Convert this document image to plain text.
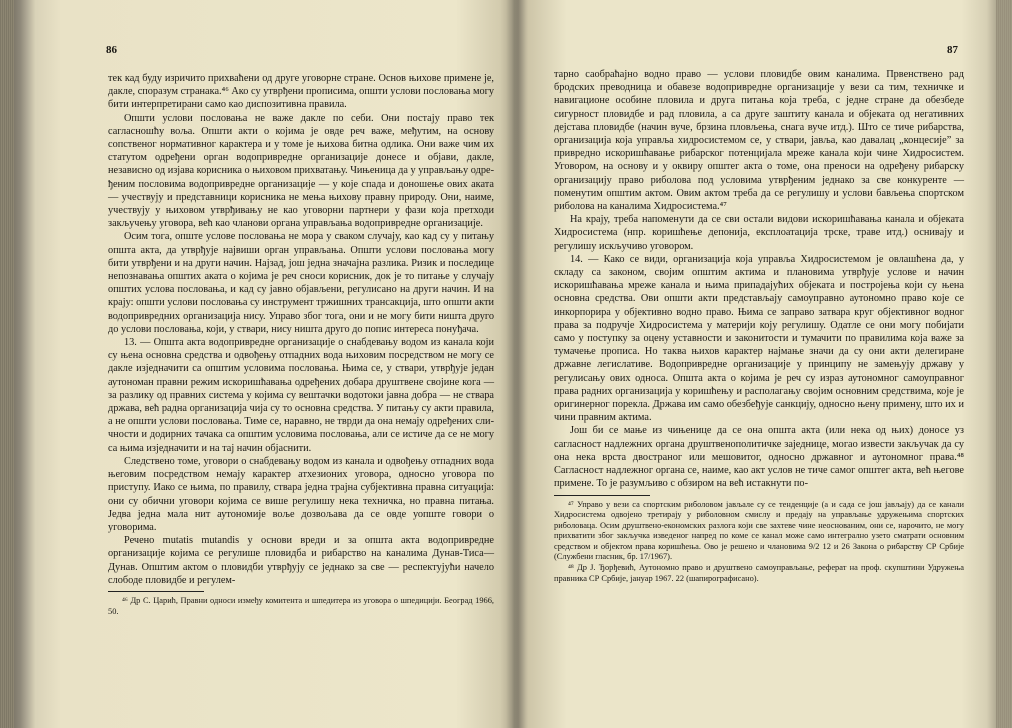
86

тек кад буду изричито прихваћени од друге уговорне стране. Основ њихове примене је, дакле, споразум странака.⁴⁶ Ако су утврђени прописима, општи услови пословања могу бити интерпретирани само као диспозитивна правила.

Општи услови пословања не важе дакле по себи. Они постају право тек сагласношћу воља. Општи акти о којима је овде реч важе, међутим, на основу сопственог нормативног карактера и у томе је њихова битна одлика. Они важе чим их статутом одређени орган водопривредне организације донесе и објави, дакле, независно од изјава корисника о њиховом прихватању. Чињеница да у управљању одређеним пословима водопривредне организације — у које спада и доношење ових аката — учествују и представници корисника не мења њихову правну природу. Они, наиме, учествују у њиховом утврђивању не као уговорни партнери у фази која претходи закључењу уговора, већ као чланови органа управљања водопривредне организације.

Осим тога, опште услове пословања не мора у сваком случају, као кад су у питању општа акта, да утврђује највиши орган управљања. Општи услови пословања могу бити утврђени и на други начин. Најзад, још једна значајна разлика. Ризик и последице непознавања општих аката о којима је реч сноси корисник, док је то питање у случају општих услова пословања, и кад су јавно објављени, регулисано на други начин. И на крају: општи услови пословања су инструмент тржишних трансакција, што општи акти водопривредних организација нису. Управо због тога, они и не могу бити ништа друго до услови пословања, који, у ствари, нису ништа друго до попис интереса понуђача.

13. — Општа акта водопривредне организације о снабдевању водом из канала који су њена основна средства и одвођењу отпадних вода њиховим посредством не могу се дакле изједначити са општим условима пословања. Њима се, у ствари, утврђује један аутономан правни режим искоришћавања одређених добара друштвене својине кога — за разлику од правних система у којима су вештачки водотоки јавна добра — не ствара држава, већ радна организација чија су то основна средства. У питању су акти правила, а не општи услови пословања. Тиме се, наравно, не тврди да она немају одређених сличности и додирних тачака са општим условима пословања, али се истиче да се не могу са њима изједначити и на тај начин објаснити.

Следствено томе, уговори о снабдевању водом из канала и одвођењу отпадних вода његовим посредством немају карактер атхезионих уговора, односно уговора по приступу. Иако се њима, по правилу, ствара једна трајна субјективна правна ситуација: они су обични уговори којима се више регулишу нека техничка, но правна питања. Једва једна мала нит аутономије воље дозвољава да се овде уопште говори о уговорима.

Речено mutatis mutandis у основи вреди и за општа акта водопривредне организације којима се регулише пловидба и рибарство на каналима Дунав-Тиса—Дунав. Општим актом о пловидби утврђују се једнако за све — респектујући начело слободе пловидбе и регулем-

⁴⁶ Др С. Царић, Правни односи између комитента и шпедитера из уговора о шпедицији. Београд 1966, 50.

87

тарно саобраћајно водно право — услови пловидбе овим каналима. Првенствено рад бродских преводница и обавезе водопривредне организације у вези са тим, техничке и навигационе особине пловила и друга питања која треба, с једне стране да обезбеде сигурност пловидбе и рад пловила, а са друге заштиту канала и објеката од негативних дејстава пловидбе (начин вуче, брзина пловљења, снага вуче итд.). Што се тиче рибарства, организација која управља хидросистемом се, у ствари, јавља, као давалац „концесије” за привредно искоришћавање рибарског потенцијала мреже канала који чине Хидросистем. Уговором, на основу и у оквиру општег акта о томе, она преноси на одређену рибарску организацију право риболова под условима утврђеним једнако за све конкуренте — поменутим општим актом. Овим актом треба да се регулишу и услови бављења спортском риболова на каналима Хидросистема.⁴⁷

На крају, треба напоменути да се сви остали видови искоришћавања канала и објеката Хидросистема (нпр. коришћење депонија, експлоатација трске, траве итд.) оснивају и регулишу искључиво уговором.

14. — Како се види, организација која управља Хидросистемом је овлашћена да, у складу са законом, својим општим актима и плановима утврђује услове и начин искоришћавања мреже канала и њима припадајућих објеката и постројења који су њена основна средства. Ови општи акти представљају самоуправно аутономно право које се инкорпорира у објективно водно право. Њима се заправо затвара круг објективног водног права за подручје Хидросистема у материји коју регулишу. Одатле се они могу побијати само у поступку за оцену уставности и законитости и тумачити по правилима која важе за тумачење прописа. Но таква њихов карактер најмање значи да су они акти делегиране државне легислативе. Водопривредне организације у принципу не замењују државу у регулисању ових односа. Општа акта о којима је реч су израз аутономног самоуправног права радних организација у коришћењу и располагању својим основним средствима, које је оригинерног порекла. Држава им само обезбеђује санкцију, односно њену примену, што их и чини правним актима.

Још би се мање из чињенице да се она општа акта (или нека од њих) доносе уз сагласност надлежних органа друштвенополитичке заједнице, могао извести закључак да су она нека врста двостраног или мешовитог, односно државног и аутономног права.⁴⁸ Сагласност надлежног органа се, наиме, као акт услов не тиче самог општег акта, већ његове примене. То је разумљиво с обзиром на већ истакнути по-

⁴⁷ Управо у вези са спортским риболовом јављале су се тенденције (а и сада се још јављају) да се канали Хидросистема одвојено третирају у риболовном смислу и предају на управљање удружењима спортских риболоваца. Осим друштвено-економских разлога који све захтеве чине неоснованим, они се, нарочито, не могу прихватити због закључка изведеног напред по коме се канал може само интегрално узето сматрати основним средством и објектом права коришћења. Ово је решено и члановима 9/2 12 и 26 Закона о рибарству СР Србије (Службени гласник, бр. 17/1967).

⁴⁸ Др Ј. Ђорђевић, Аутономно право и друштвено самоуправљање, реферат на проф. скупштини Удружења правника СР Србије, јануар 1967. 22 (шапирографисано).
